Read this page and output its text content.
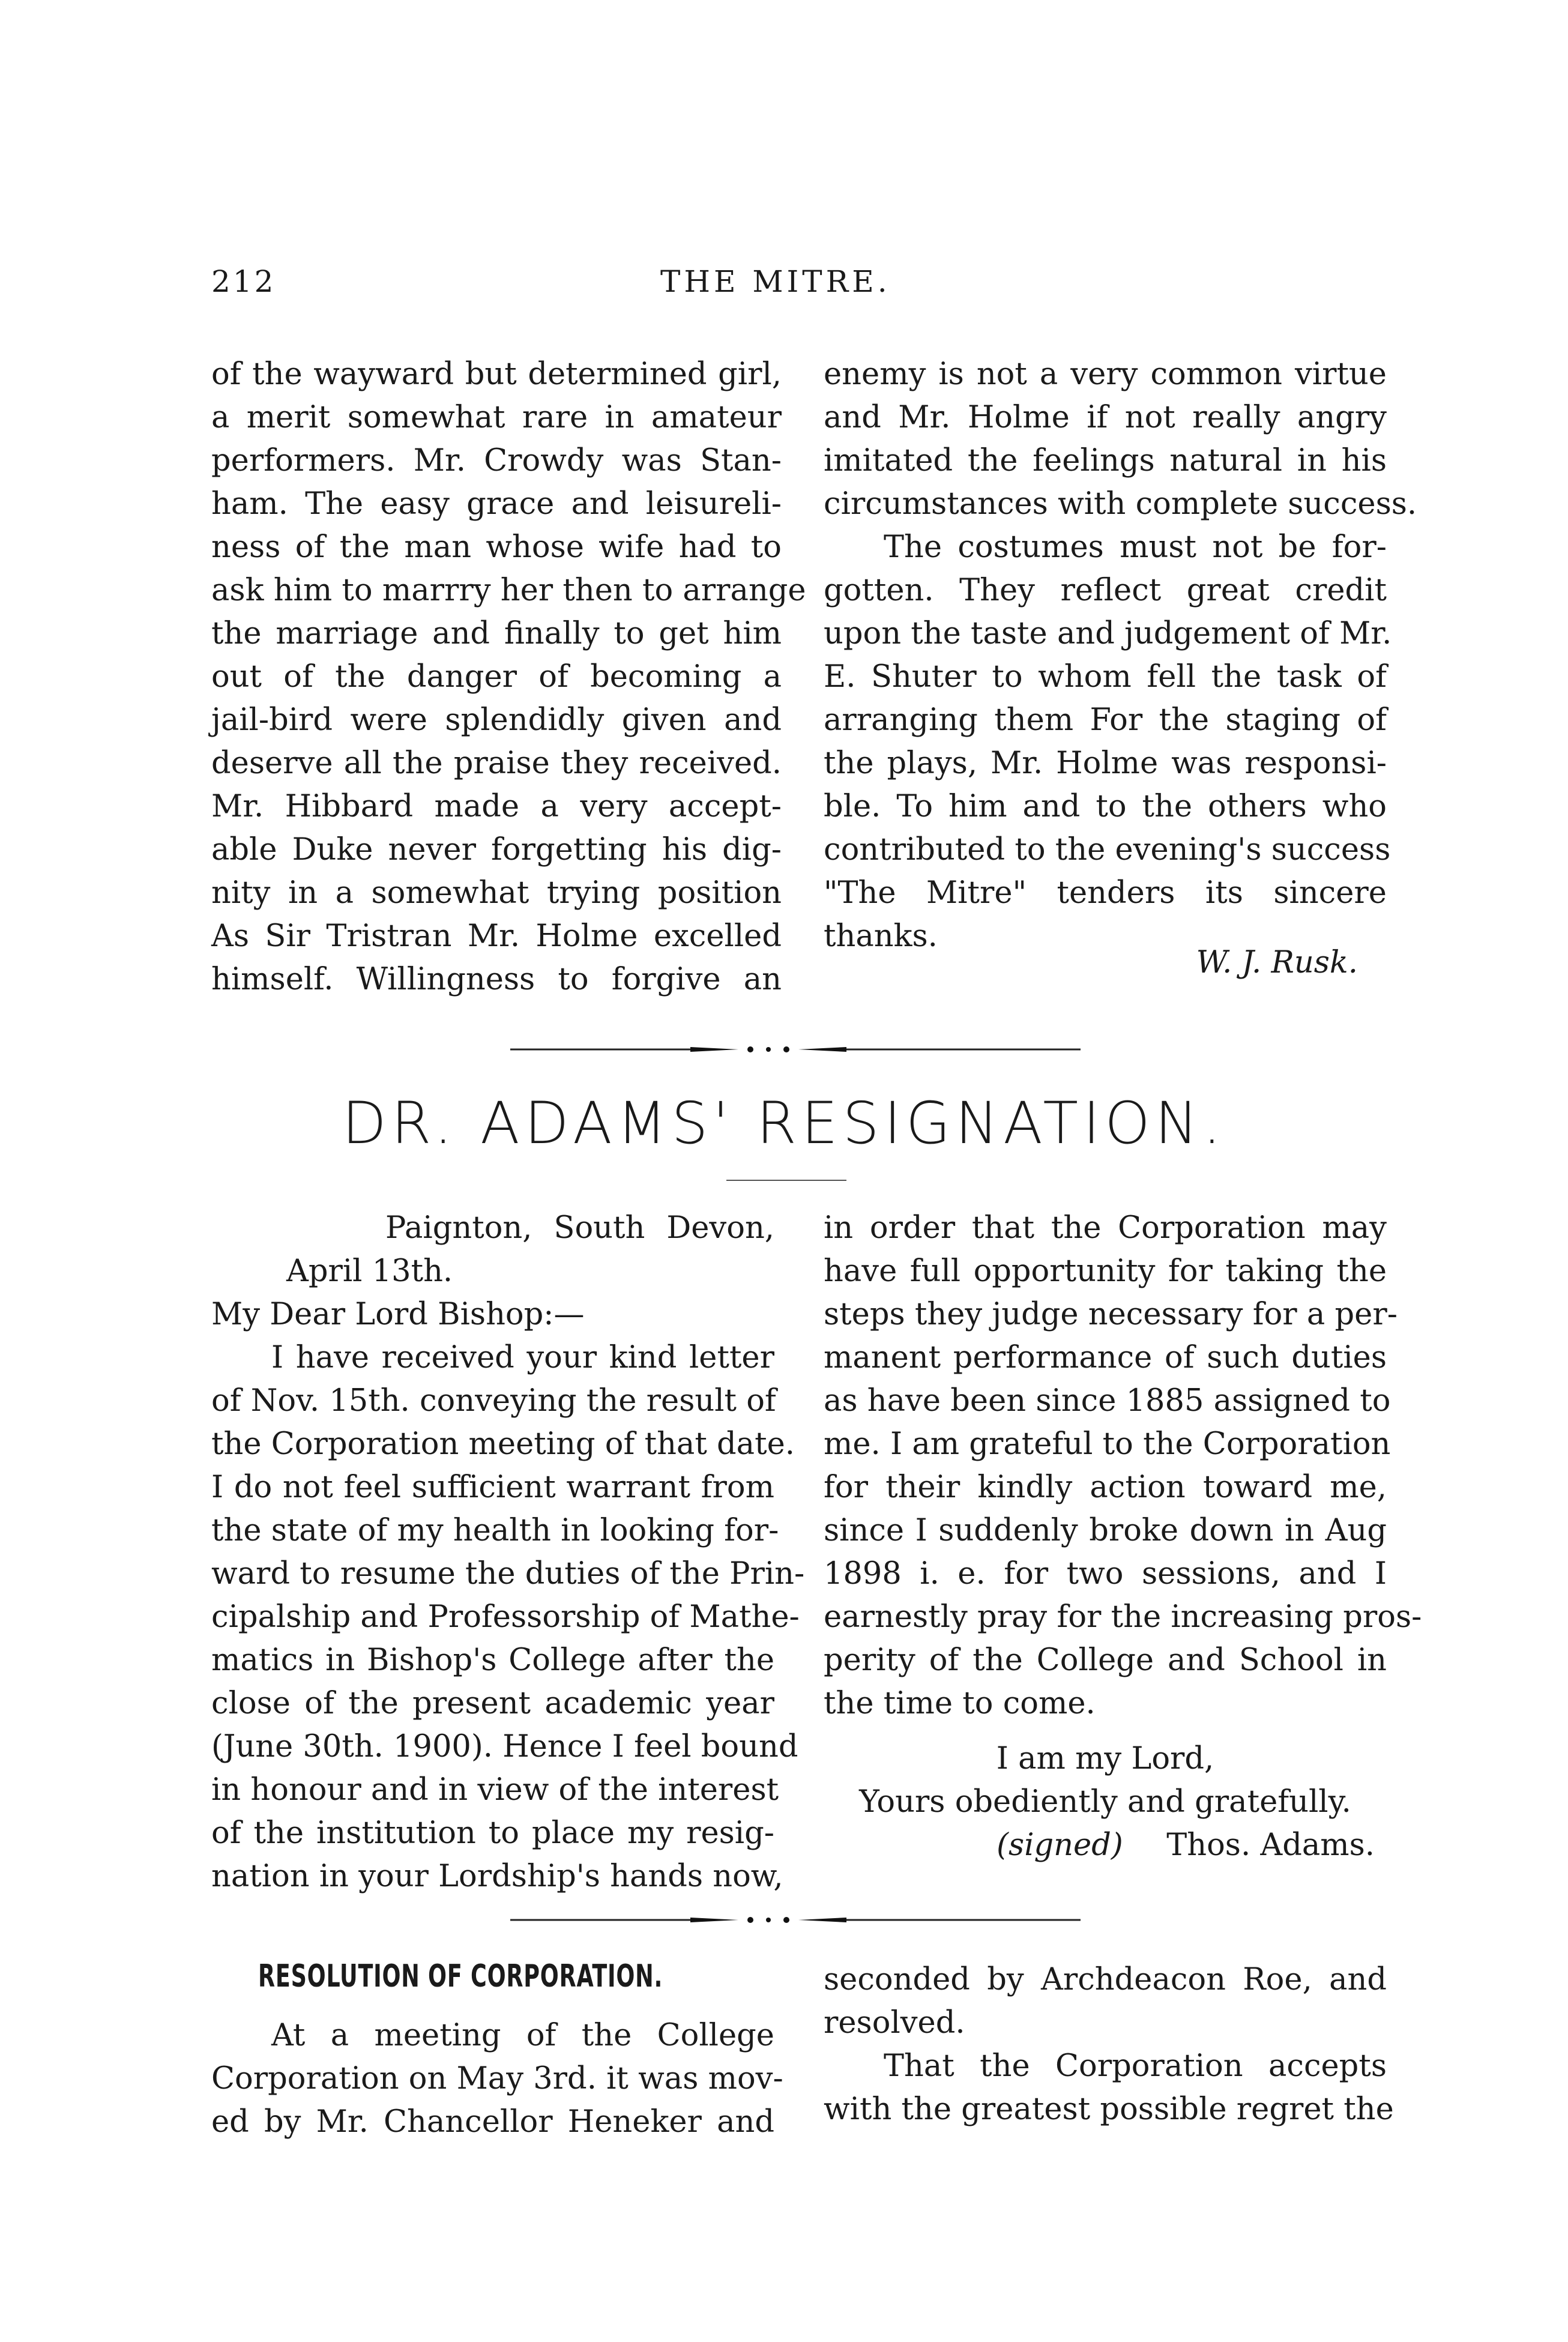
212	THE MITRE.
of the wayward but determined girl,
a merit somewhat rare in amateur
performers. Mr. Crowdy was Stan-
ham. The easy grace and leisureli-
ness of the man whose wife had to
ask him to marrry her then to arrange
the marriage and finally to get him
out of the danger of becoming a
jail-bird were splendidly given and
deserve all the praise they received.
Mr. Hibbard made a very accept-
able Duke never forgetting his dig-
nity in a somewhat trying position
As Sir Tristran Mr. Holme excelled
himself. Willingness to forgive an
enemy is not a very common virtue
and Mr. Holme if not really angry
imitated the feelings natural in his
circumstances with complete success.
The costumes must not be for-
gotten. They reflect great credit
upon the taste and judgement of Mr.
E. Shuter to whom fell the task of
arranging them For the staging of
the plays, Mr. Holme was responsi-
ble. To him and to the others who
contributed to the evening's success
"The Mitre" tenders its sincere
thanks.
W. J. Rusk.
DR. ADAMS' RESIGNATION.
Paignton, South Devon,
April 13th.
My Dear Lord Bishop:—
I have received your kind letter
of Nov. 15th. conveying the result of
the Corporation meeting of that date.
I do not feel sufficient warrant from
the state of my health in looking for-
ward to resume the duties of the Prin-
cipalship and Professorship of Mathe-
matics in Bishop's College after the
close of the present academic year
(June 30th. 1900). Hence I feel bound
in honour and in view of the interest
of the institution to place my resig-
nation in your Lordship's hands now,
in order that the Corporation may
have full opportunity for taking the
steps they judge necessary for a per-
manent performance of such duties
as have been since 1885 assigned to
me. I am grateful to the Corporation
for their kindly action toward me,
since I suddenly broke down in Aug
1898 i. e. for two sessions, and I
earnestly pray for the increasing pros-
perity of the College and School in
the time to come.
I am my Lord,
Yours obediently and gratefully.
(signed) Thos. Adams.
RESOLUTION OF CORPORATION.
At a meeting of the College
Corporation on May 3rd. it was mov-
ed by Mr. Chancellor Heneker and
seconded by Archdeacon Roe, and
resolved.
That the Corporation accepts
with the greatest possible regret the
